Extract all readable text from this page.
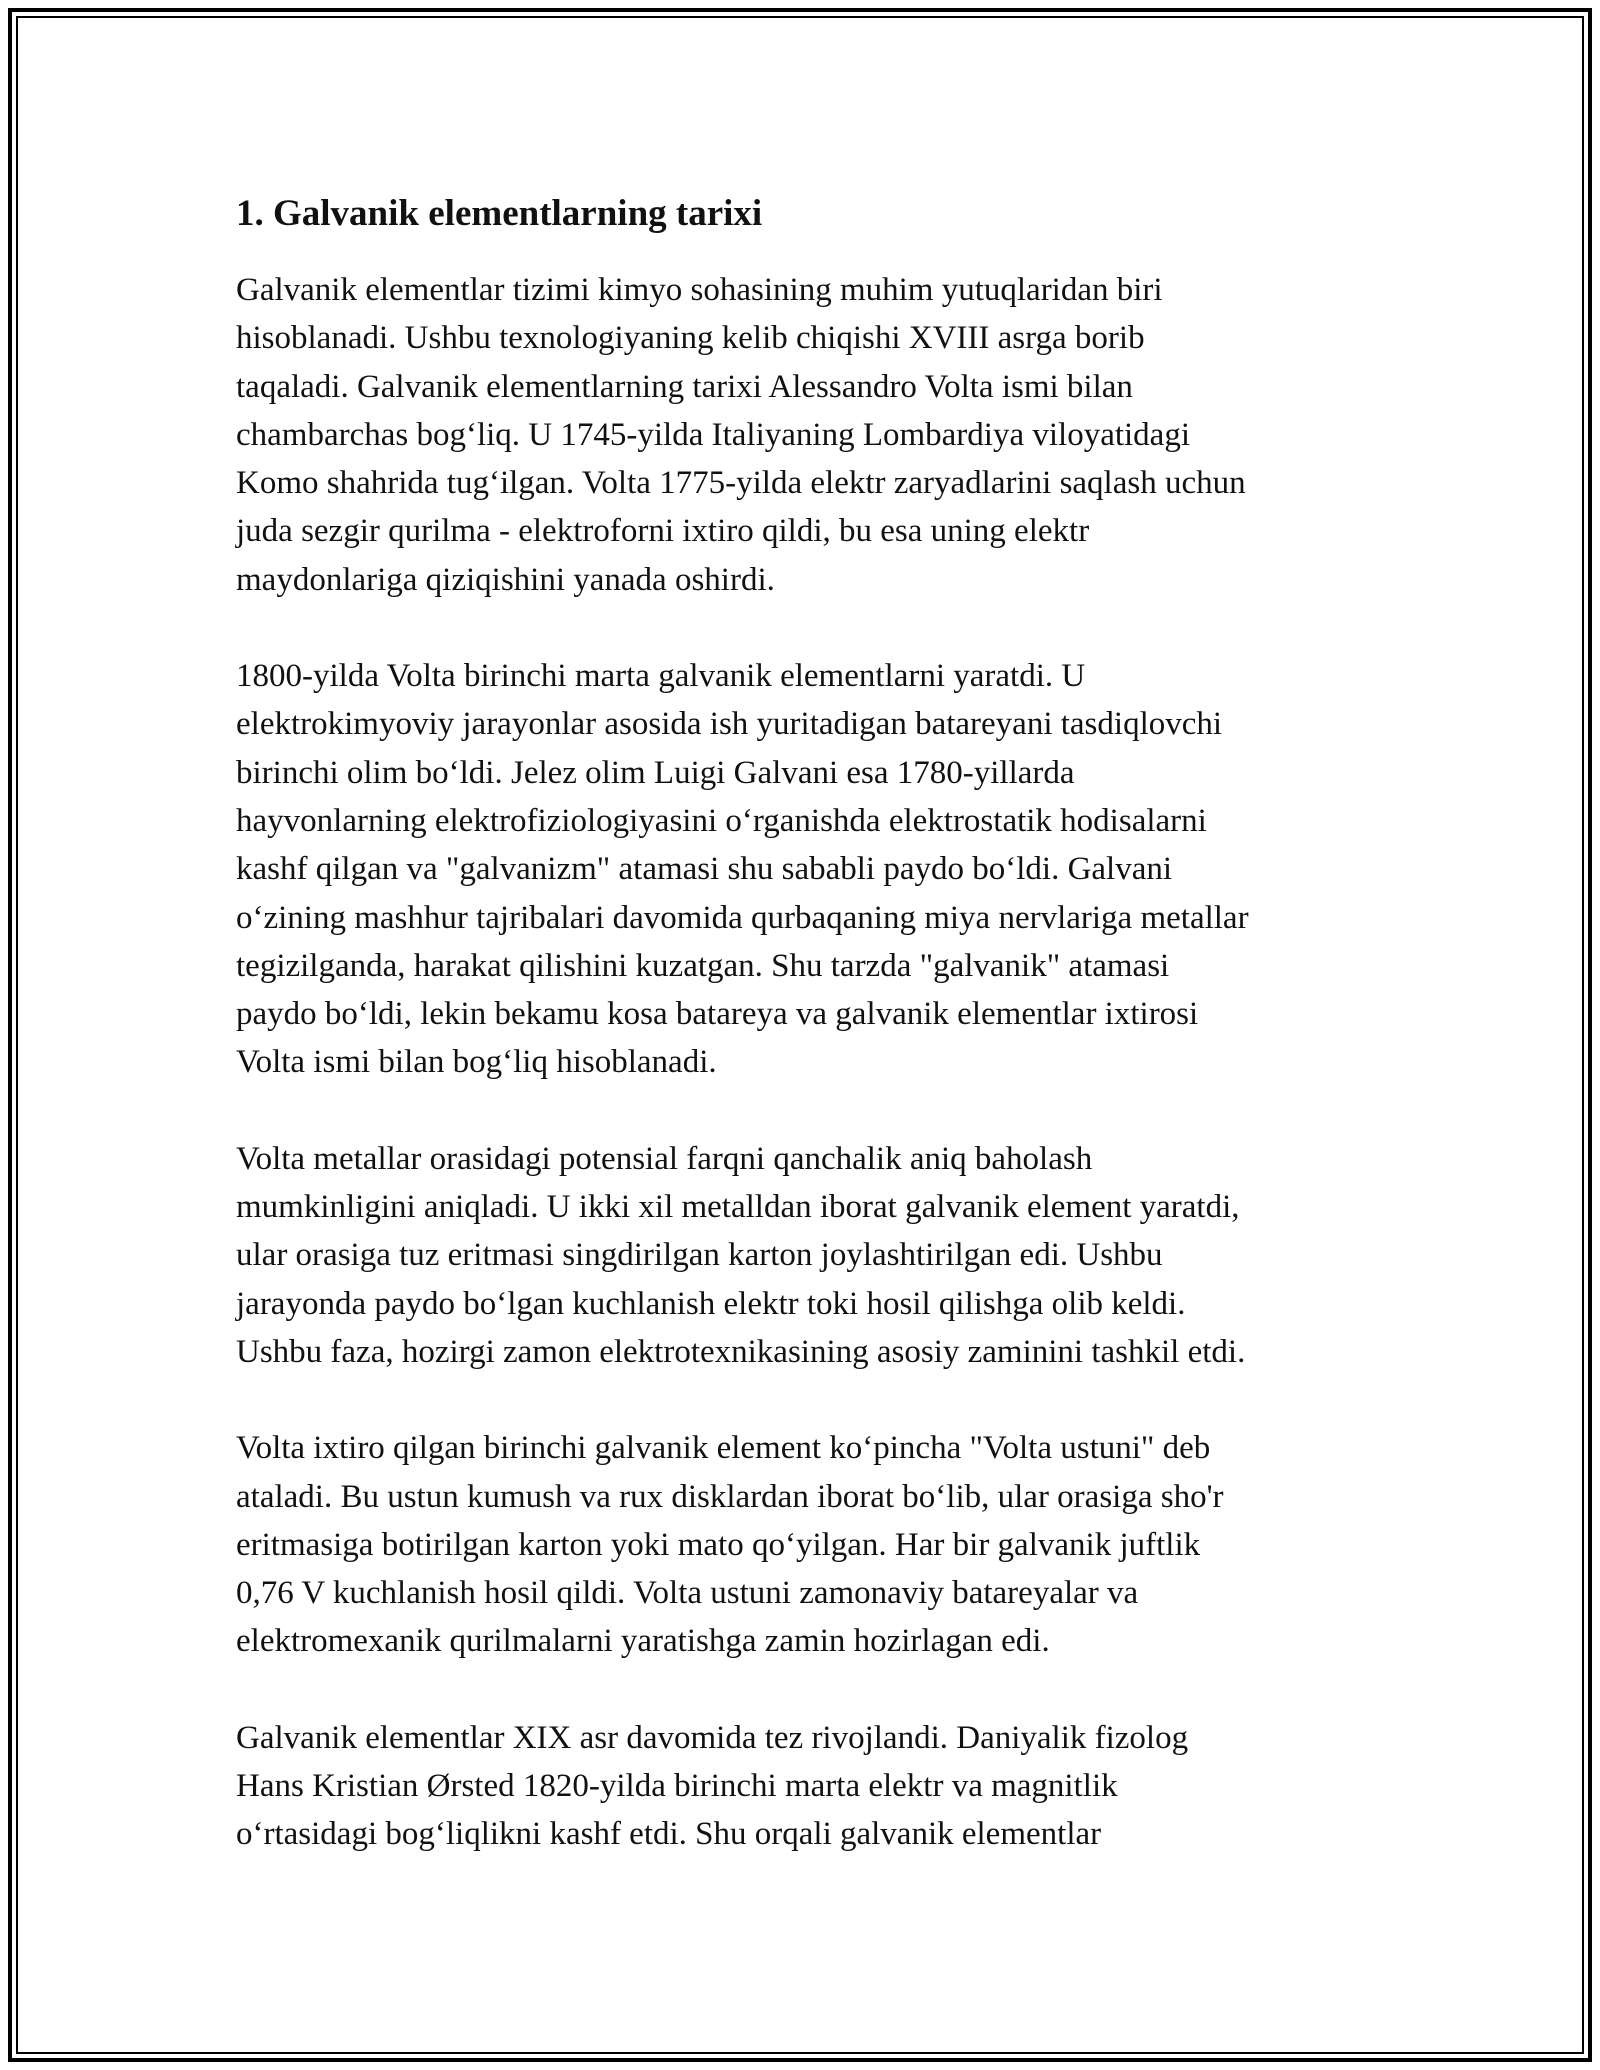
1. Galvanik elementlarning tarixi

Galvanik elementlar tizimi kimyo sohasining muhim yutuqlaridan biri
hisoblanadi. Ushbu texnologiyaning kelib chiqishi XVIII asrga borib
taqaladi. Galvanik elementlarning tarixi Alessandro Volta ismi bilan
chambarchas bog‘liq. U 1745-yilda Italiyaning Lombardiya viloyatidagi
Komo shahrida tug‘ilgan. Volta 1775-yilda elektr zaryadlarini saqlash uchun
juda sezgir qurilma - elektroforni ixtiro qildi, bu esa uning elektr
maydonlariga qiziqishini yanada oshirdi.

1800-yilda Volta birinchi marta galvanik elementlarni yaratdi. U
elektrokimyoviy jarayonlar asosida ish yuritadigan batareyani tasdiqlovchi
birinchi olim bo‘ldi. Jelez olim Luigi Galvani esa 1780-yillarda
hayvonlarning elektrofiziologiyasini o‘rganishda elektrostatik hodisalarni
kashf qilgan va "galvanizm" atamasi shu sababli paydo bo‘ldi. Galvani
o‘zining mashhur tajribalari davomida qurbaqaning miya nervlariga metallar
tegizilganda, harakat qilishini kuzatgan. Shu tarzda "galvanik" atamasi
paydo bo‘ldi, lekin bekamu kosa batareya va galvanik elementlar ixtirosi
Volta ismi bilan bog‘liq hisoblanadi.

Volta metallar orasidagi potensial farqni qanchalik aniq baholash
mumkinligini aniqladi. U ikki xil metalldan iborat galvanik element yaratdi,
ular orasiga tuz eritmasi singdirilgan karton joylashtirilgan edi. Ushbu
jarayonda paydo bo‘lgan kuchlanish elektr toki hosil qilishga olib keldi.
Ushbu faza, hozirgi zamon elektrotexnikasining asosiy zaminini tashkil etdi.

Volta ixtiro qilgan birinchi galvanik element ko‘pincha "Volta ustuni" deb
ataladi. Bu ustun kumush va rux disklardan iborat bo‘lib, ular orasiga sho'r
eritmasiga botirilgan karton yoki mato qo‘yilgan. Har bir galvanik juftlik
0,76 V kuchlanish hosil qildi. Volta ustuni zamonaviy batareyalar va
elektromexanik qurilmalarni yaratishga zamin hozirlagan edi.

Galvanik elementlar XIX asr davomida tez rivojlandi. Daniyalik fizolog
Hans Kristian Ørsted 1820-yilda birinchi marta elektr va magnitlik
o‘rtasidagi bog‘liqlikni kashf etdi. Shu orqali galvanik elementlar
